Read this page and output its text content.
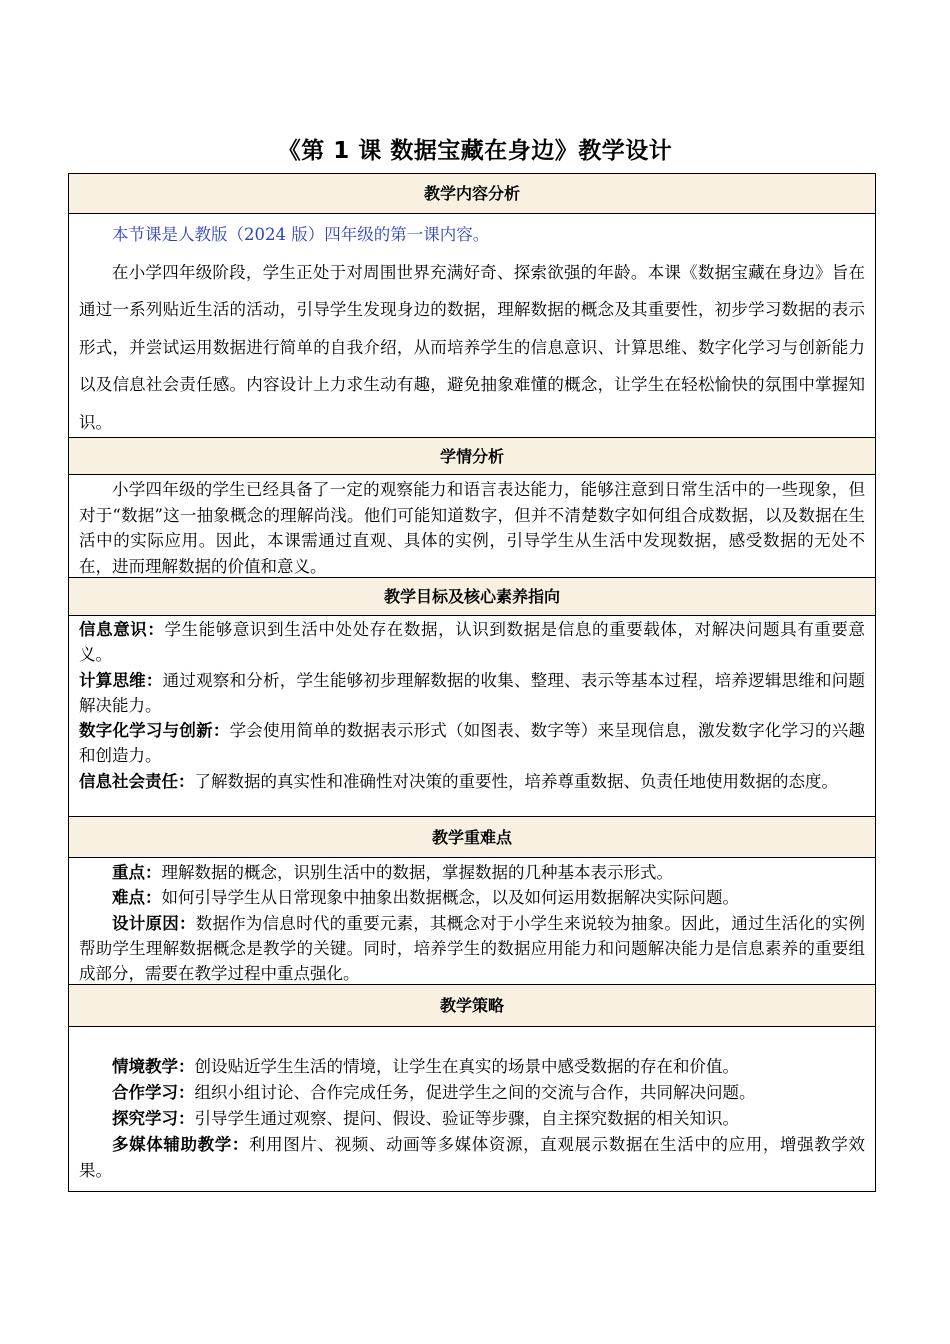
《第 1 课 数据宝藏在身边》教学设计
教学内容分析

本节课是人教版（2024 版）四年级的第一课内容。

在小学四年级阶段，学生正处于对周围世界充满好奇、探索欲强的年龄。本课《数据宝藏在身边》旨在通过一系列贴近生活的活动，引导学生发现身边的数据，理解数据的概念及其重要性，初步学习数据的表示形式，并尝试运用数据进行简单的自我介绍，从而培养学生的信息意识、计算思维、数字化学习与创新能力以及信息社会责任感。内容设计上力求生动有趣，避免抽象难懂的概念，让学生在轻松愉快的氛围中掌握知识。

学情分析

小学四年级的学生已经具备了一定的观察能力和语言表达能力，能够注意到日常生活中的一些现象，但对于“数据”这一抽象概念的理解尚浅。他们可能知道数字，但并不清楚数字如何组合成数据，以及数据在生活中的实际应用。因此，本课需通过直观、具体的实例，引导学生从生活中发现数据，感受数据的无处不在，进而理解数据的价值和意义。

教学目标及核心素养指向

信息意识：学生能够意识到生活中处处存在数据，认识到数据是信息的重要载体，对解决问题具有重要意义。

计算思维：通过观察和分析，学生能够初步理解数据的收集、整理、表示等基本过程，培养逻辑思维和问题解决能力。

数字化学习与创新：学会使用简单的数据表示形式（如图表、数字等）来呈现信息，激发数字化学习的兴趣和创造力。

信息社会责任：了解数据的真实性和准确性对决策的重要性，培养尊重数据、负责任地使用数据的态度。

教学重难点

重点：理解数据的概念，识别生活中的数据，掌握数据的几种基本表示形式。

难点：如何引导学生从日常现象中抽象出数据概念，以及如何运用数据解决实际问题。

设计原因：数据作为信息时代的重要元素，其概念对于小学生来说较为抽象。因此，通过生活化的实例帮助学生理解数据概念是教学的关键。同时，培养学生的数据应用能力和问题解决能力是信息素养的重要组成部分，需要在教学过程中重点强化。

教学策略

情境教学：创设贴近学生生活的情境，让学生在真实的场景中感受数据的存在和价值。

合作学习：组织小组讨论、合作完成任务，促进学生之间的交流与合作，共同解决问题。

探究学习：引导学生通过观察、提问、假设、验证等步骤，自主探究数据的相关知识。

多媒体辅助教学：利用图片、视频、动画等多媒体资源，直观展示数据在生活中的应用，增强教学效果。
